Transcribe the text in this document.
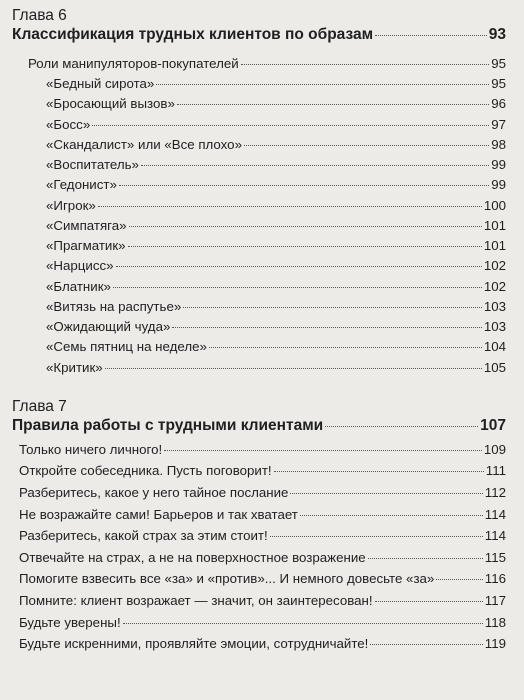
Глава 6
Классификация трудных клиентов по образам	93
Роли манипуляторов-покупателей	95
«Бедный сирота»	95
«Бросающий вызов»	96
«Босс»	97
«Скандалист» или «Все плохо»	98
«Воспитатель»	99
«Гедонист»	99
«Игрок»	100
«Симпатяга»	101
«Прагматик»	101
«Нарцисс»	102
«Блатник»	102
«Витязь на распутье»	103
«Ожидающий чуда»	103
«Семь пятниц на неделе»	104
«Критик»	105
Глава 7
Правила работы с трудными клиентами	107
Только ничего личного!	109
Откройте собеседника. Пусть поговорит!	111
Разберитесь, какое у него тайное послание	112
Не возражайте сами! Барьеров и так хватает	114
Разберитесь, какой страх за этим стоит!	114
Отвечайте на страх, а не на поверхностное возражение	115
Помогите взвесить все «за» и «против»... И немного довесьте «за»	116
Помните: клиент возражает — значит, он заинтересован!	117
Будьте уверены!	118
Будьте искренними, проявляйте эмоции, сотрудничайте!	119
